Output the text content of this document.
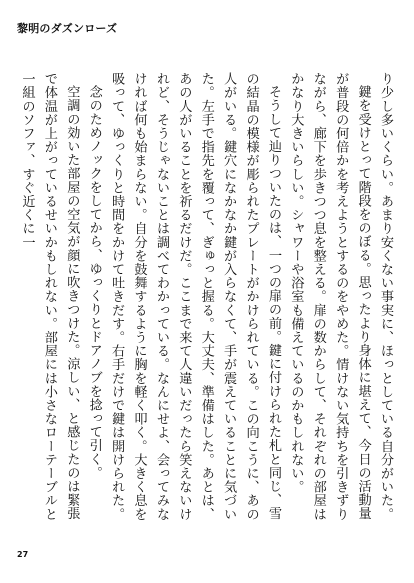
黎明のダズンローズ

り少し多いくらい。あまり安くない事実に、ほっとしている自分がいた。

鍵を受けとって階段をのぼる。思ったより身体に堪えて、今日の活動量が普段の何倍かを考えようとするのをやめた。情けない気持ちを引きずりながら、廊下を歩きつつ息を整える。扉の数からして、それぞれの部屋はかなり大きいらしい。シャワーや浴室も備えているのかもしれない。

そうして辿りついたのは、一つの扉の前。鍵に付けられた札と同じ、雪の結晶の模様が彫られたプレートがかけられている。この向こうに、あの人がいる。鍵穴になかなか鍵が入らなくて、手が震えていることに気づいた。左手で指先を覆って、ぎゅっと握る。大丈夫、準備はした。あとは、あの人がいることを祈るだけだ。ここまで来て人違いだったら笑えないけれど、そうじゃないことは調べてわかっている。なんにせよ、会ってみなければ何も始まらない。自分を鼓舞するように胸を軽く叩く。大きく息を吸って、ゆっくりと時間をかけて吐きだす。右手だけで鍵は開けられた。

念のためノックをしてから、ゆっくりとドアノブを捻って引く。

空調の効いた部屋の空気が顔に吹きつけた。涼しい、と感じたのは緊張で体温が上がっているせいかもしれない。部屋には小さなローテーブルと一組のソファ、すぐ近くに一

27
